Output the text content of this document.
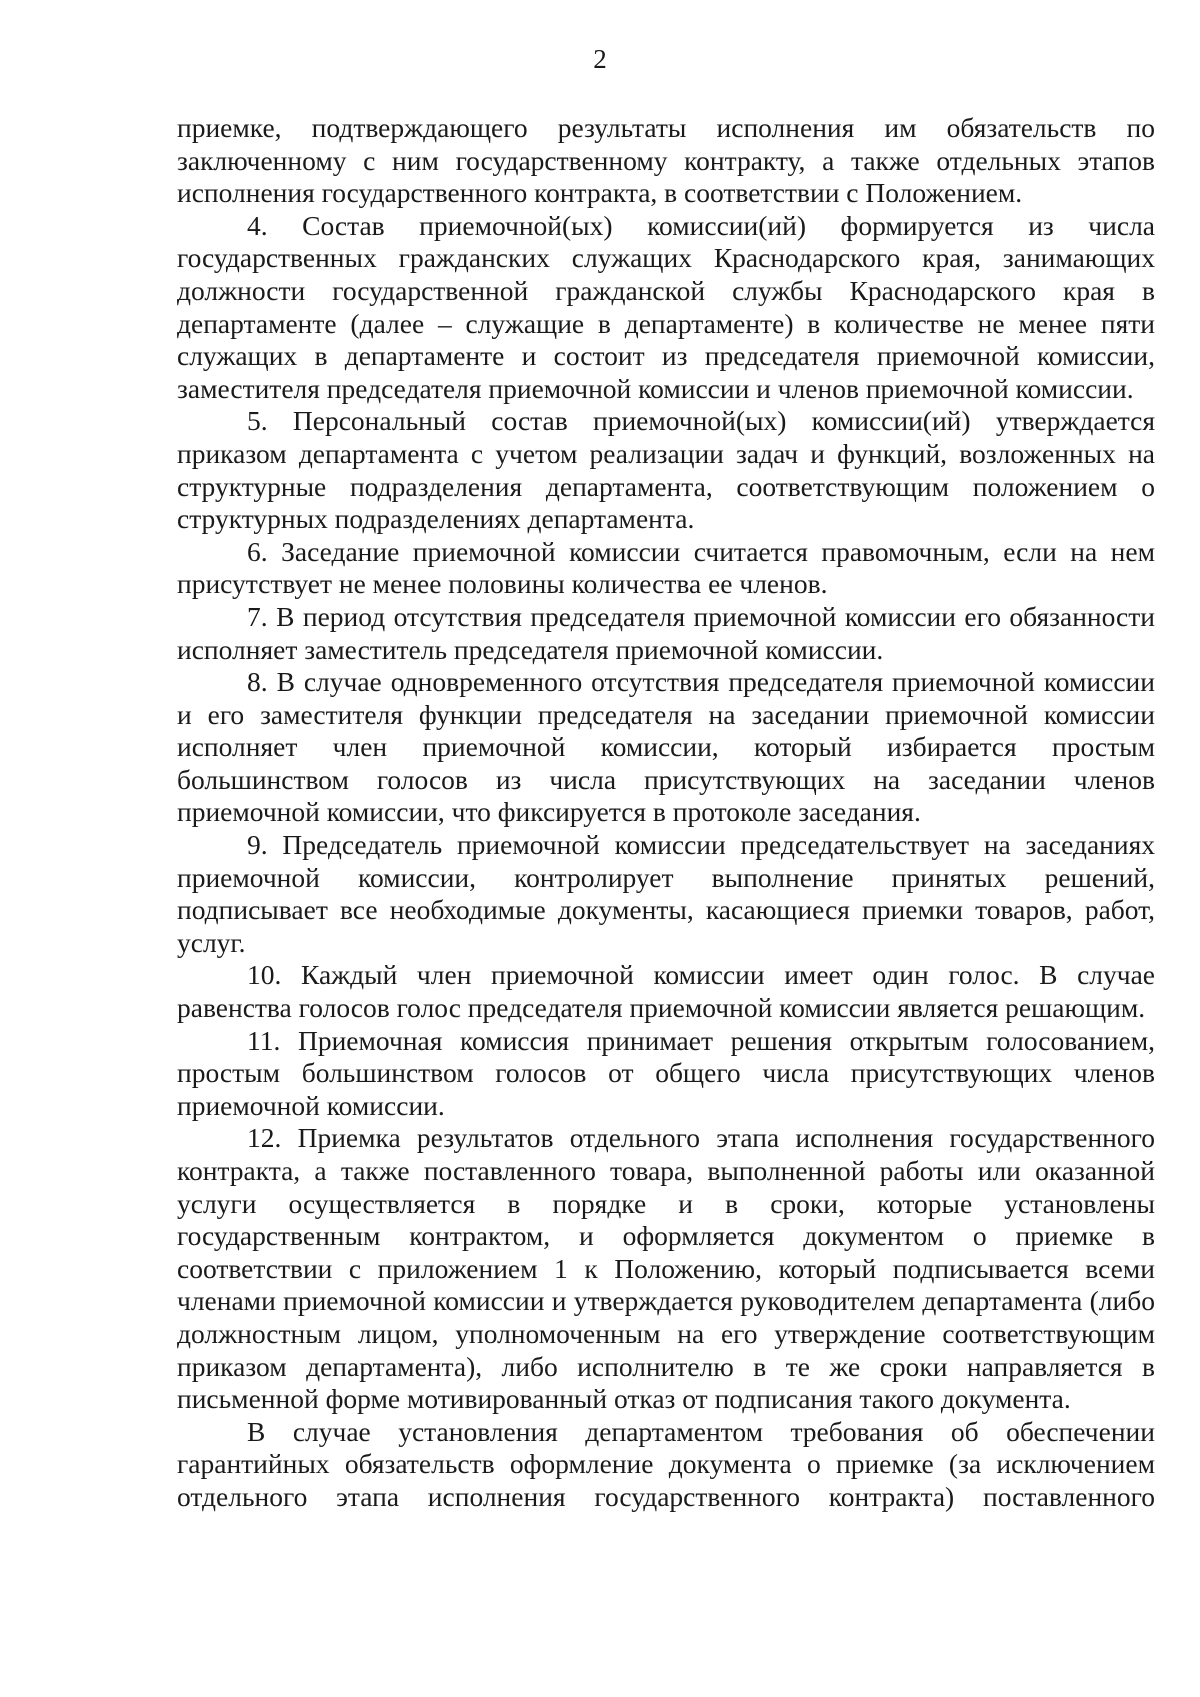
2

приемке, подтверждающего результаты исполнения им обязательств по заключенному с ним государственному контракту, а также отдельных этапов исполнения государственного контракта, в соответствии с Положением.

4. Состав приемочной(ых) комиссии(ий) формируется из числа государственных гражданских служащих Краснодарского края, занимающих должности государственной гражданской службы Краснодарского края в департаменте (далее – служащие в департаменте) в количестве не менее пяти служащих в департаменте и состоит из председателя приемочной комиссии, заместителя председателя приемочной комиссии и членов приемочной комиссии.

5. Персональный состав приемочной(ых) комиссии(ий) утверждается приказом департамента с учетом реализации задач и функций, возложенных на структурные подразделения департамента, соответствующим положением о структурных подразделениях департамента.

6. Заседание приемочной комиссии считается правомочным, если на нем присутствует не менее половины количества ее членов.

7. В период отсутствия председателя приемочной комиссии его обязанности исполняет заместитель председателя приемочной комиссии.

8. В случае одновременного отсутствия председателя приемочной комиссии и его заместителя функции председателя на заседании приемочной комиссии исполняет член приемочной комиссии, который избирается простым большинством голосов из числа присутствующих на заседании членов приемочной комиссии, что фиксируется в протоколе заседания.

9. Председатель приемочной комиссии председательствует на заседаниях приемочной комиссии, контролирует выполнение принятых решений, подписывает все необходимые документы, касающиеся приемки товаров, работ, услуг.

10. Каждый член приемочной комиссии имеет один голос. В случае равенства голосов голос председателя приемочной комиссии является решающим.

11. Приемочная комиссия принимает решения открытым голосованием, простым большинством голосов от общего числа присутствующих членов приемочной комиссии.

12. Приемка результатов отдельного этапа исполнения государственного контракта, а также поставленного товара, выполненной работы или оказанной услуги осуществляется в порядке и в сроки, которые установлены государственным контрактом, и оформляется документом о приемке в соответствии с приложением 1 к Положению, который подписывается всеми членами приемочной комиссии и утверждается руководителем департамента (либо должностным лицом, уполномоченным на его утверждение соответствующим приказом департамента), либо исполнителю в те же сроки направляется в письменной форме мотивированный отказ от подписания такого документа.

В случае установления департаментом требования об обеспечении гарантийных обязательств оформление документа о приемке (за исключением отдельного этапа исполнения государственного контракта) поставленного
